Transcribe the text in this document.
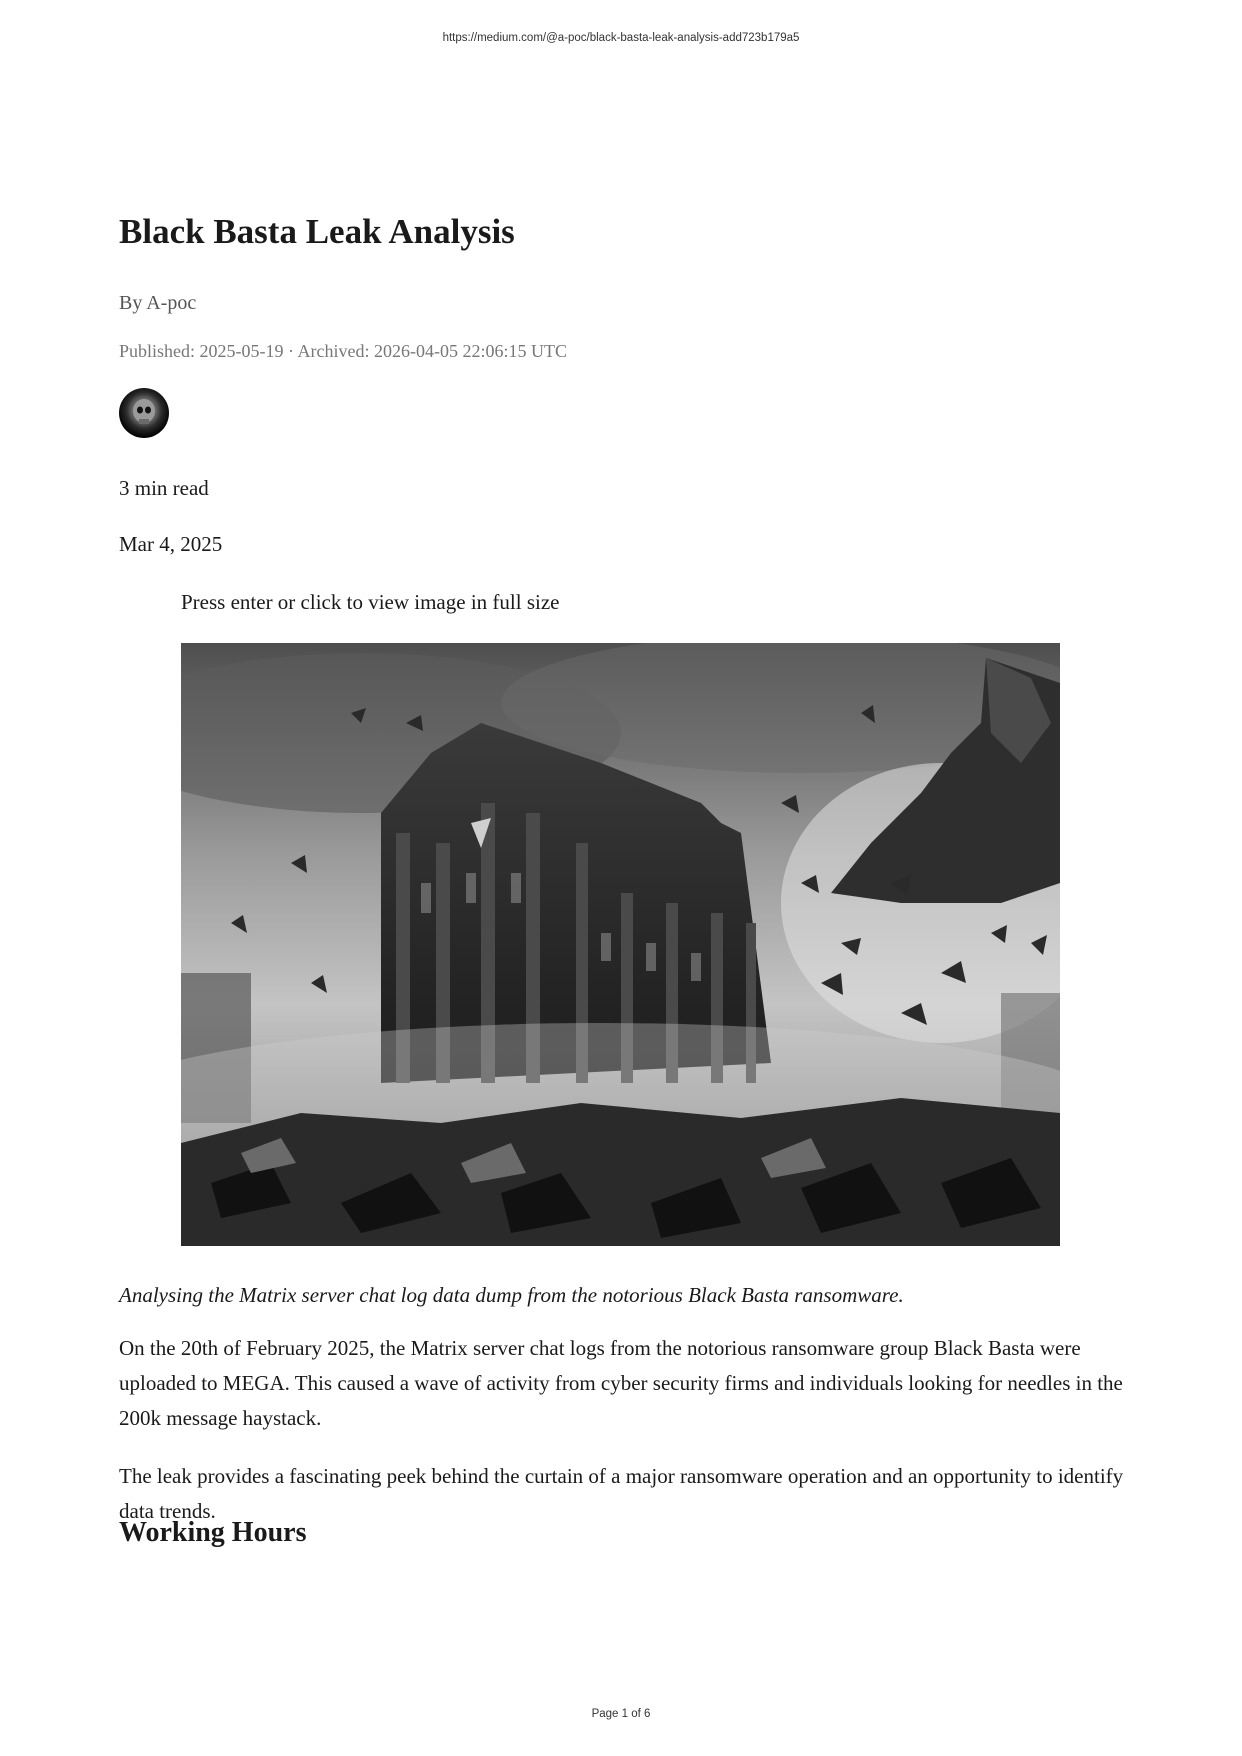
https://medium.com/@a-poc/black-basta-leak-analysis-add723b179a5
Black Basta Leak Analysis
By A-poc
Published: 2025-05-19 · Archived: 2026-04-05 22:06:15 UTC
3 min read
Mar 4, 2025
Press enter or click to view image in full size
Analysing the Matrix server chat log data dump from the notorious Black Basta ransomware.

On the 20th of February 2025, the Matrix server chat logs from the notorious ransomware group Black Basta were uploaded to MEGA. This caused a wave of activity from cyber security firms and individuals looking for needles in the 200k message haystack.

The leak provides a fascinating peek behind the curtain of a major ransomware operation and an opportunity to identify data trends.

Working Hours
Page 1 of 6
